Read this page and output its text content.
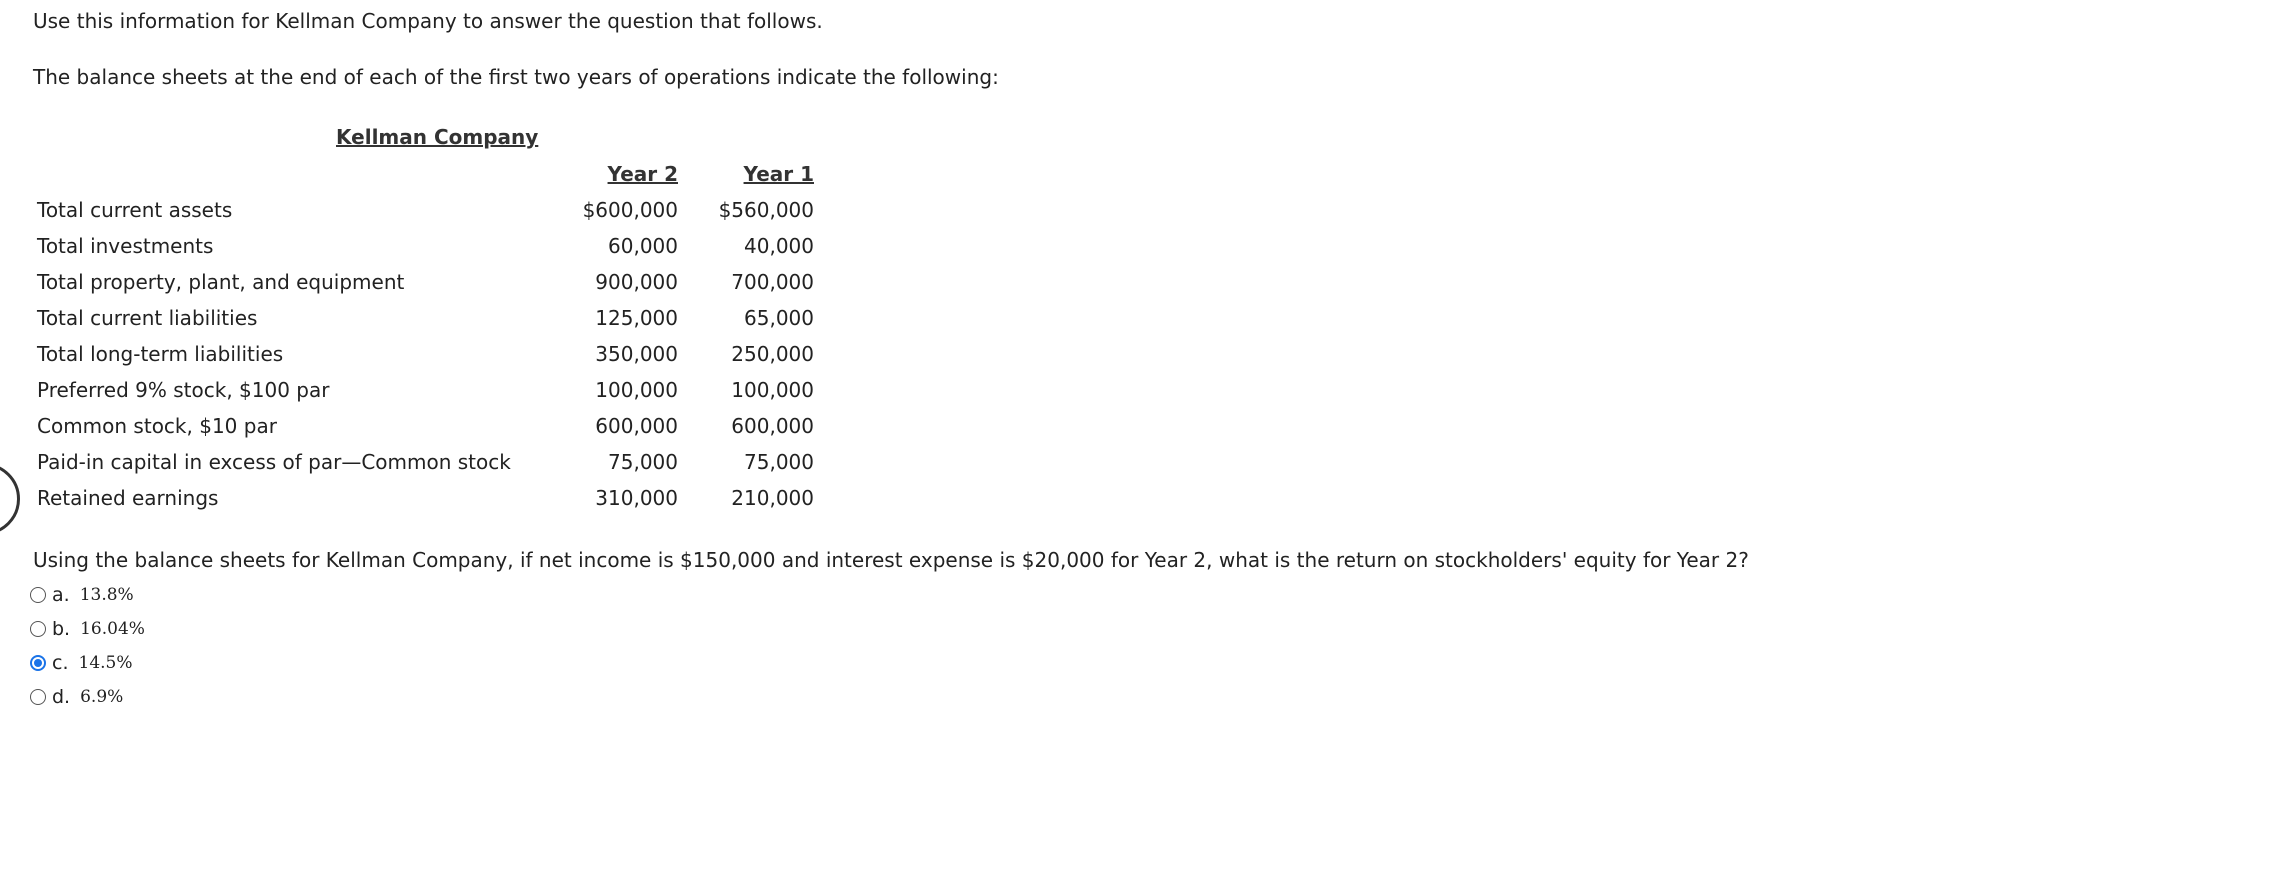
Use this information for Kellman Company to answer the question that follows.

The balance sheets at the end of each of the first two years of operations indicate the following:

Kellman Company

	Year 2	Year 1
Total current assets	$600,000	$560,000
Total investments	60,000	40,000
Total property, plant, and equipment	900,000	700,000
Total current liabilities	125,000	65,000
Total long-term liabilities	350,000	250,000
Preferred 9% stock, $100 par	100,000	100,000
Common stock, $10 par	600,000	600,000
Paid-in capital in excess of par—Common stock	75,000	75,000
Retained earnings	310,000	210,000

Using the balance sheets for Kellman Company, if net income is $150,000 and interest expense is $20,000 for Year 2, what is the return on stockholders' equity for Year 2?

a. 13.8%
b. 16.04%
c. 14.5%
d. 6.9%
